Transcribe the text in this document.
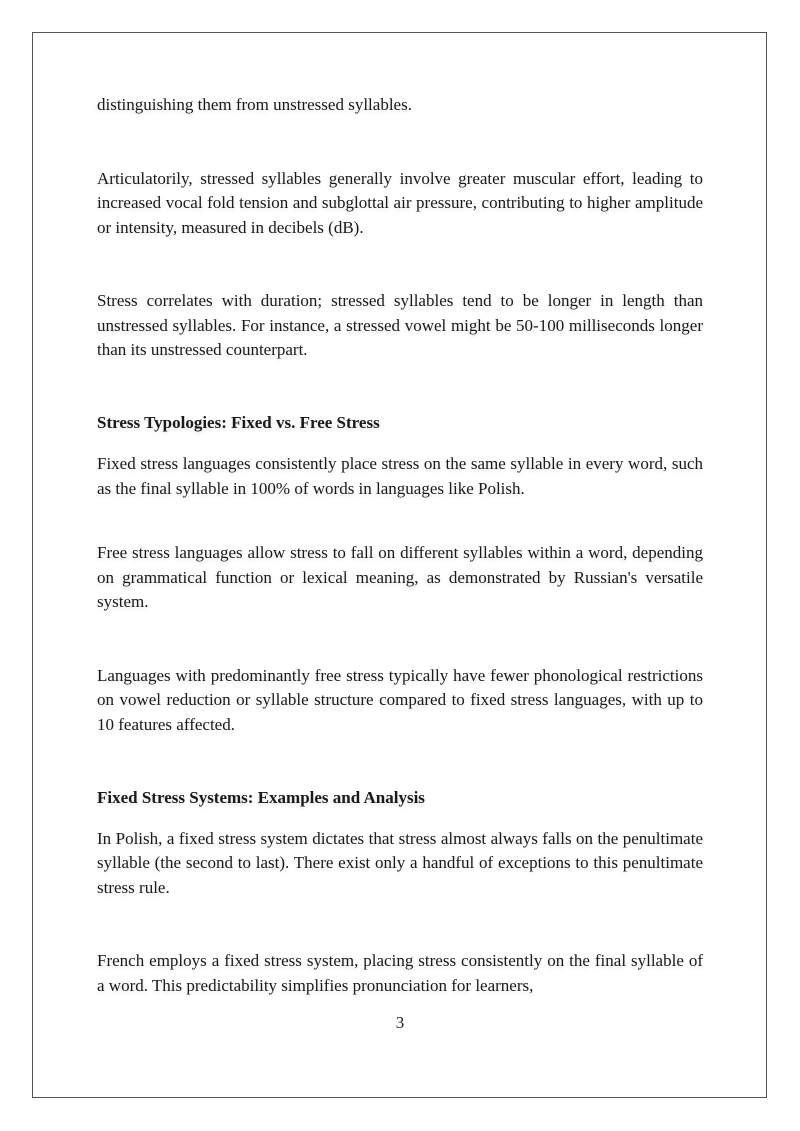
distinguishing them from unstressed syllables.

Articulatorily, stressed syllables generally involve greater muscular effort, leading to increased vocal fold tension and subglottal air pressure, contributing to higher amplitude or intensity, measured in decibels (dB).

Stress correlates with duration; stressed syllables tend to be longer in length than unstressed syllables. For instance, a stressed vowel might be 50-100 milliseconds longer than its unstressed counterpart.

Stress Typologies: Fixed vs. Free Stress

Fixed stress languages consistently place stress on the same syllable in every word, such as the final syllable in 100% of words in languages like Polish.

Free stress languages allow stress to fall on different syllables within a word, depending on grammatical function or lexical meaning, as demonstrated by Russian's versatile system.

Languages with predominantly free stress typically have fewer phonological restrictions on vowel reduction or syllable structure compared to fixed stress languages, with up to 10 features affected.

Fixed Stress Systems: Examples and Analysis

In Polish, a fixed stress system dictates that stress almost always falls on the penultimate syllable (the second to last). There exist only a handful of exceptions to this penultimate stress rule.

French employs a fixed stress system, placing stress consistently on the final syllable of a word. This predictability simplifies pronunciation for learners,

3
